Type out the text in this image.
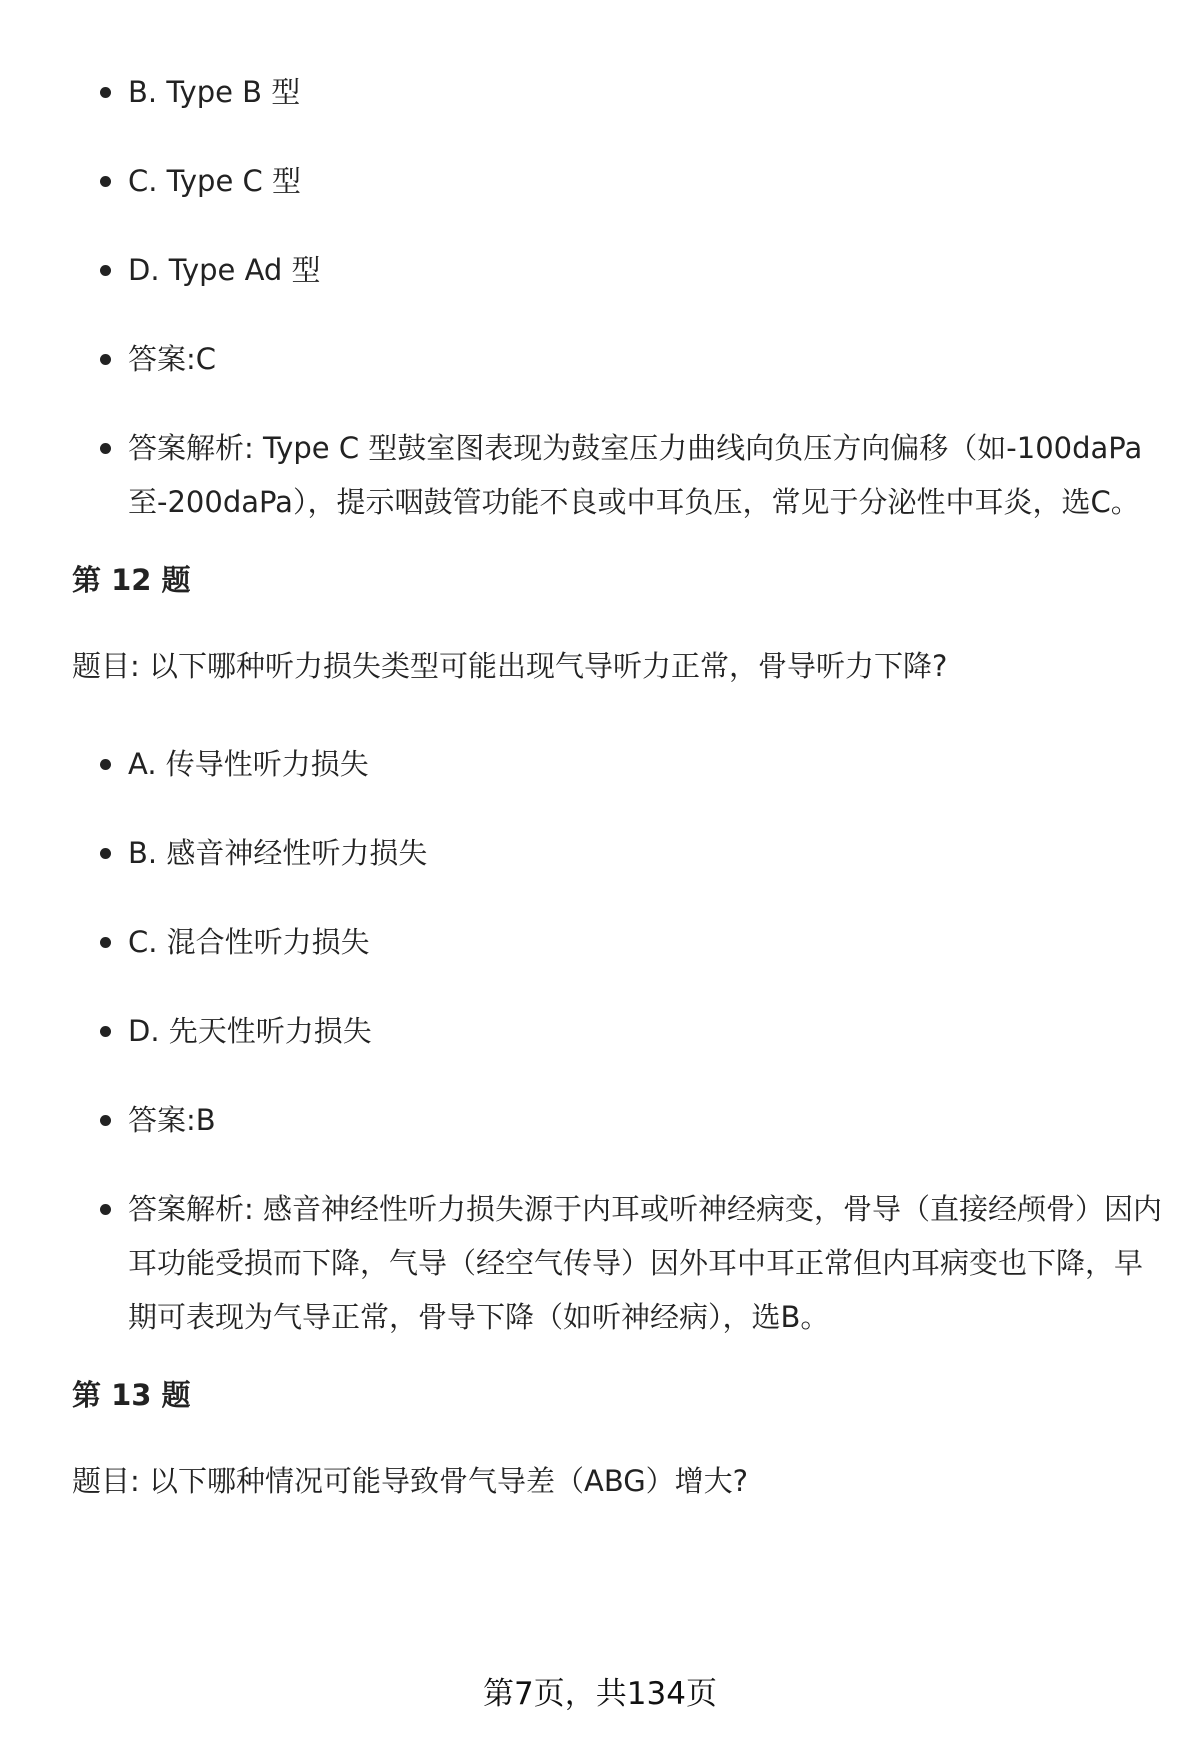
B. Type B 型
C. Type C 型
D. Type Ad 型
答案:C
答案解析: Type C 型鼓室图表现为鼓室压力曲线向负压方向偏移（如-100daPa至-200daPa），提示咽鼓管功能不良或中耳负压，常见于分泌性中耳炎，选C。
第 12 题
题目: 以下哪种听力损失类型可能出现气导听力正常，骨导听力下降?
A. 传导性听力损失
B. 感音神经性听力损失
C. 混合性听力损失
D. 先天性听力损失
答案:B
答案解析: 感音神经性听力损失源于内耳或听神经病变，骨导（直接经颅骨）因内耳功能受损而下降，气导（经空气传导）因外耳中耳正常但内耳病变也下降，早期可表现为气导正常，骨导下降（如听神经病），选B。
第 13 题
题目: 以下哪种情况可能导致骨气导差（ABG）增大?
第7页，共134页
